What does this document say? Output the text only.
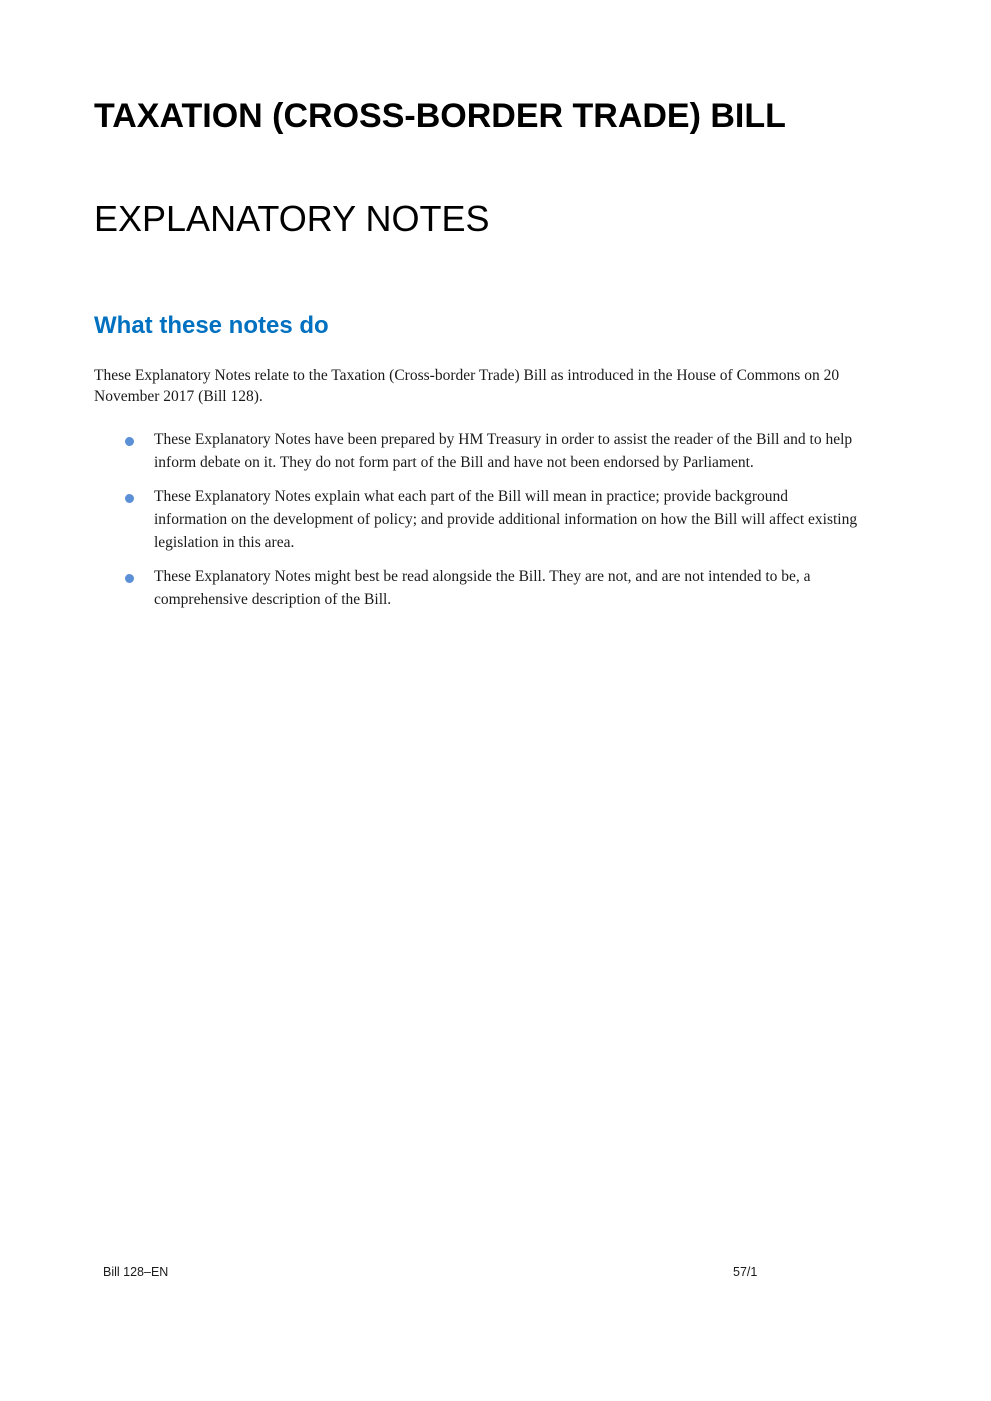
TAXATION (CROSS-BORDER TRADE) BILL
EXPLANATORY NOTES
What these notes do

These Explanatory Notes relate to the Taxation (Cross-border Trade) Bill as introduced in the House of Commons on 20 November 2017 (Bill 128).

These Explanatory Notes have been prepared by HM Treasury in order to assist the reader of the Bill and to help inform debate on it. They do not form part of the Bill and have not been endorsed by Parliament.
These Explanatory Notes explain what each part of the Bill will mean in practice; provide background information on the development of policy; and provide additional information on how the Bill will affect existing legislation in this area.
These Explanatory Notes might best be read alongside the Bill. They are not, and are not intended to be, a comprehensive description of the Bill.
Bill 128–EN	57/1
